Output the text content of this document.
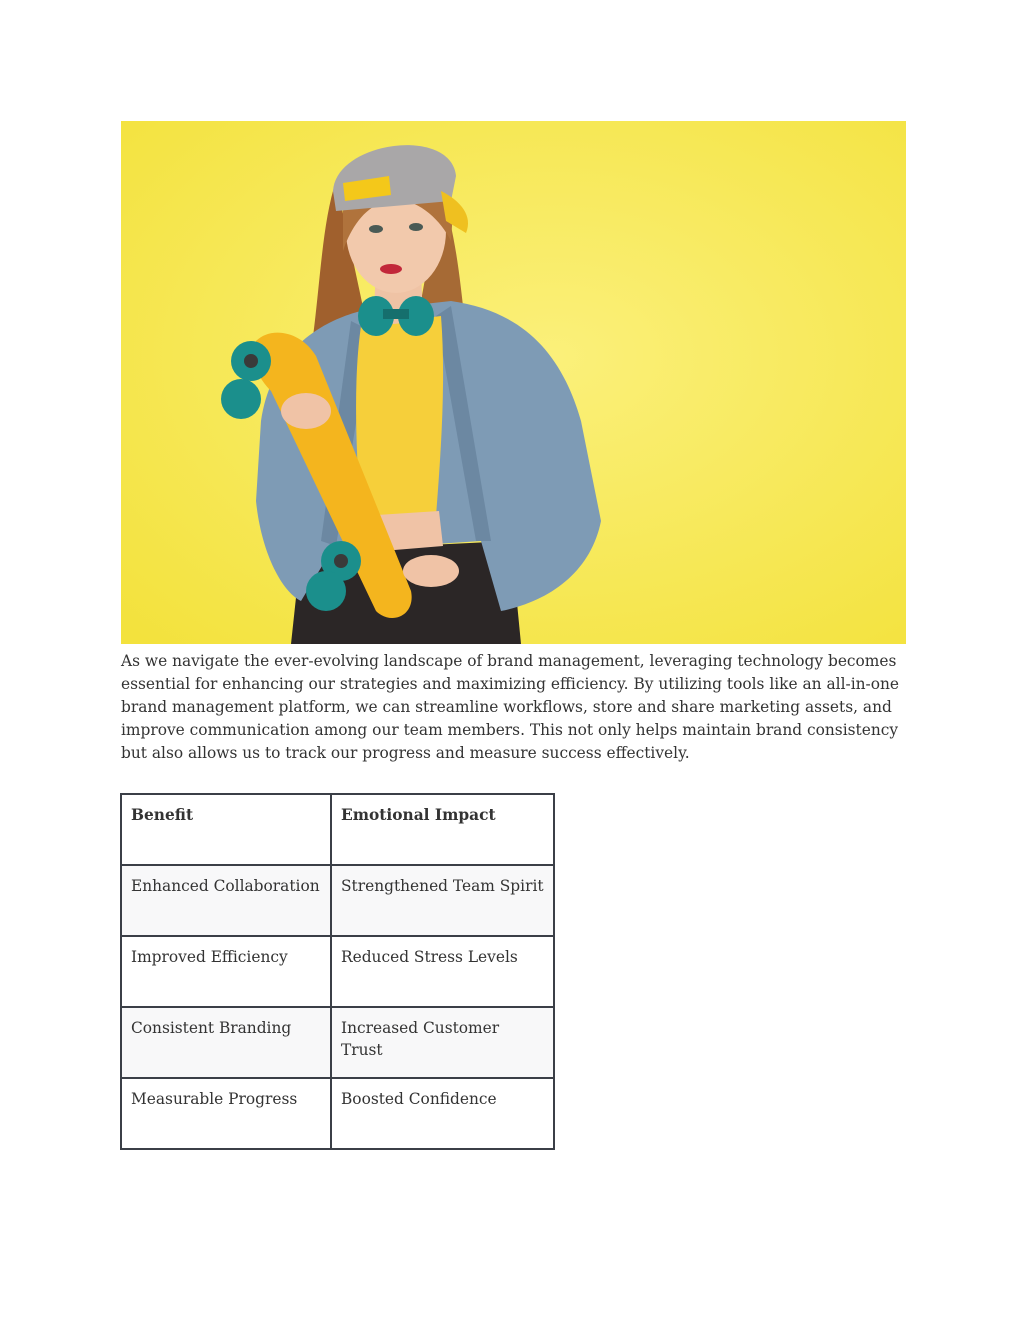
As we navigate the ever-evolving landscape of brand management, leveraging technology becomes essential for enhancing our strategies and maximizing efficiency. By utilizing tools like an all-in-one brand management platform, we can streamline workflows, store and share marketing assets, and improve communication among our team members. This not only helps maintain brand consistency but also allows us to track our progress and measure success effectively.

Benefit	Emotional Impact
Enhanced Collaboration	Strengthened Team Spirit
Improved Efficiency	Reduced Stress Levels
Consistent Branding	Increased Customer Trust
Measurable Progress	Boosted Confidence
